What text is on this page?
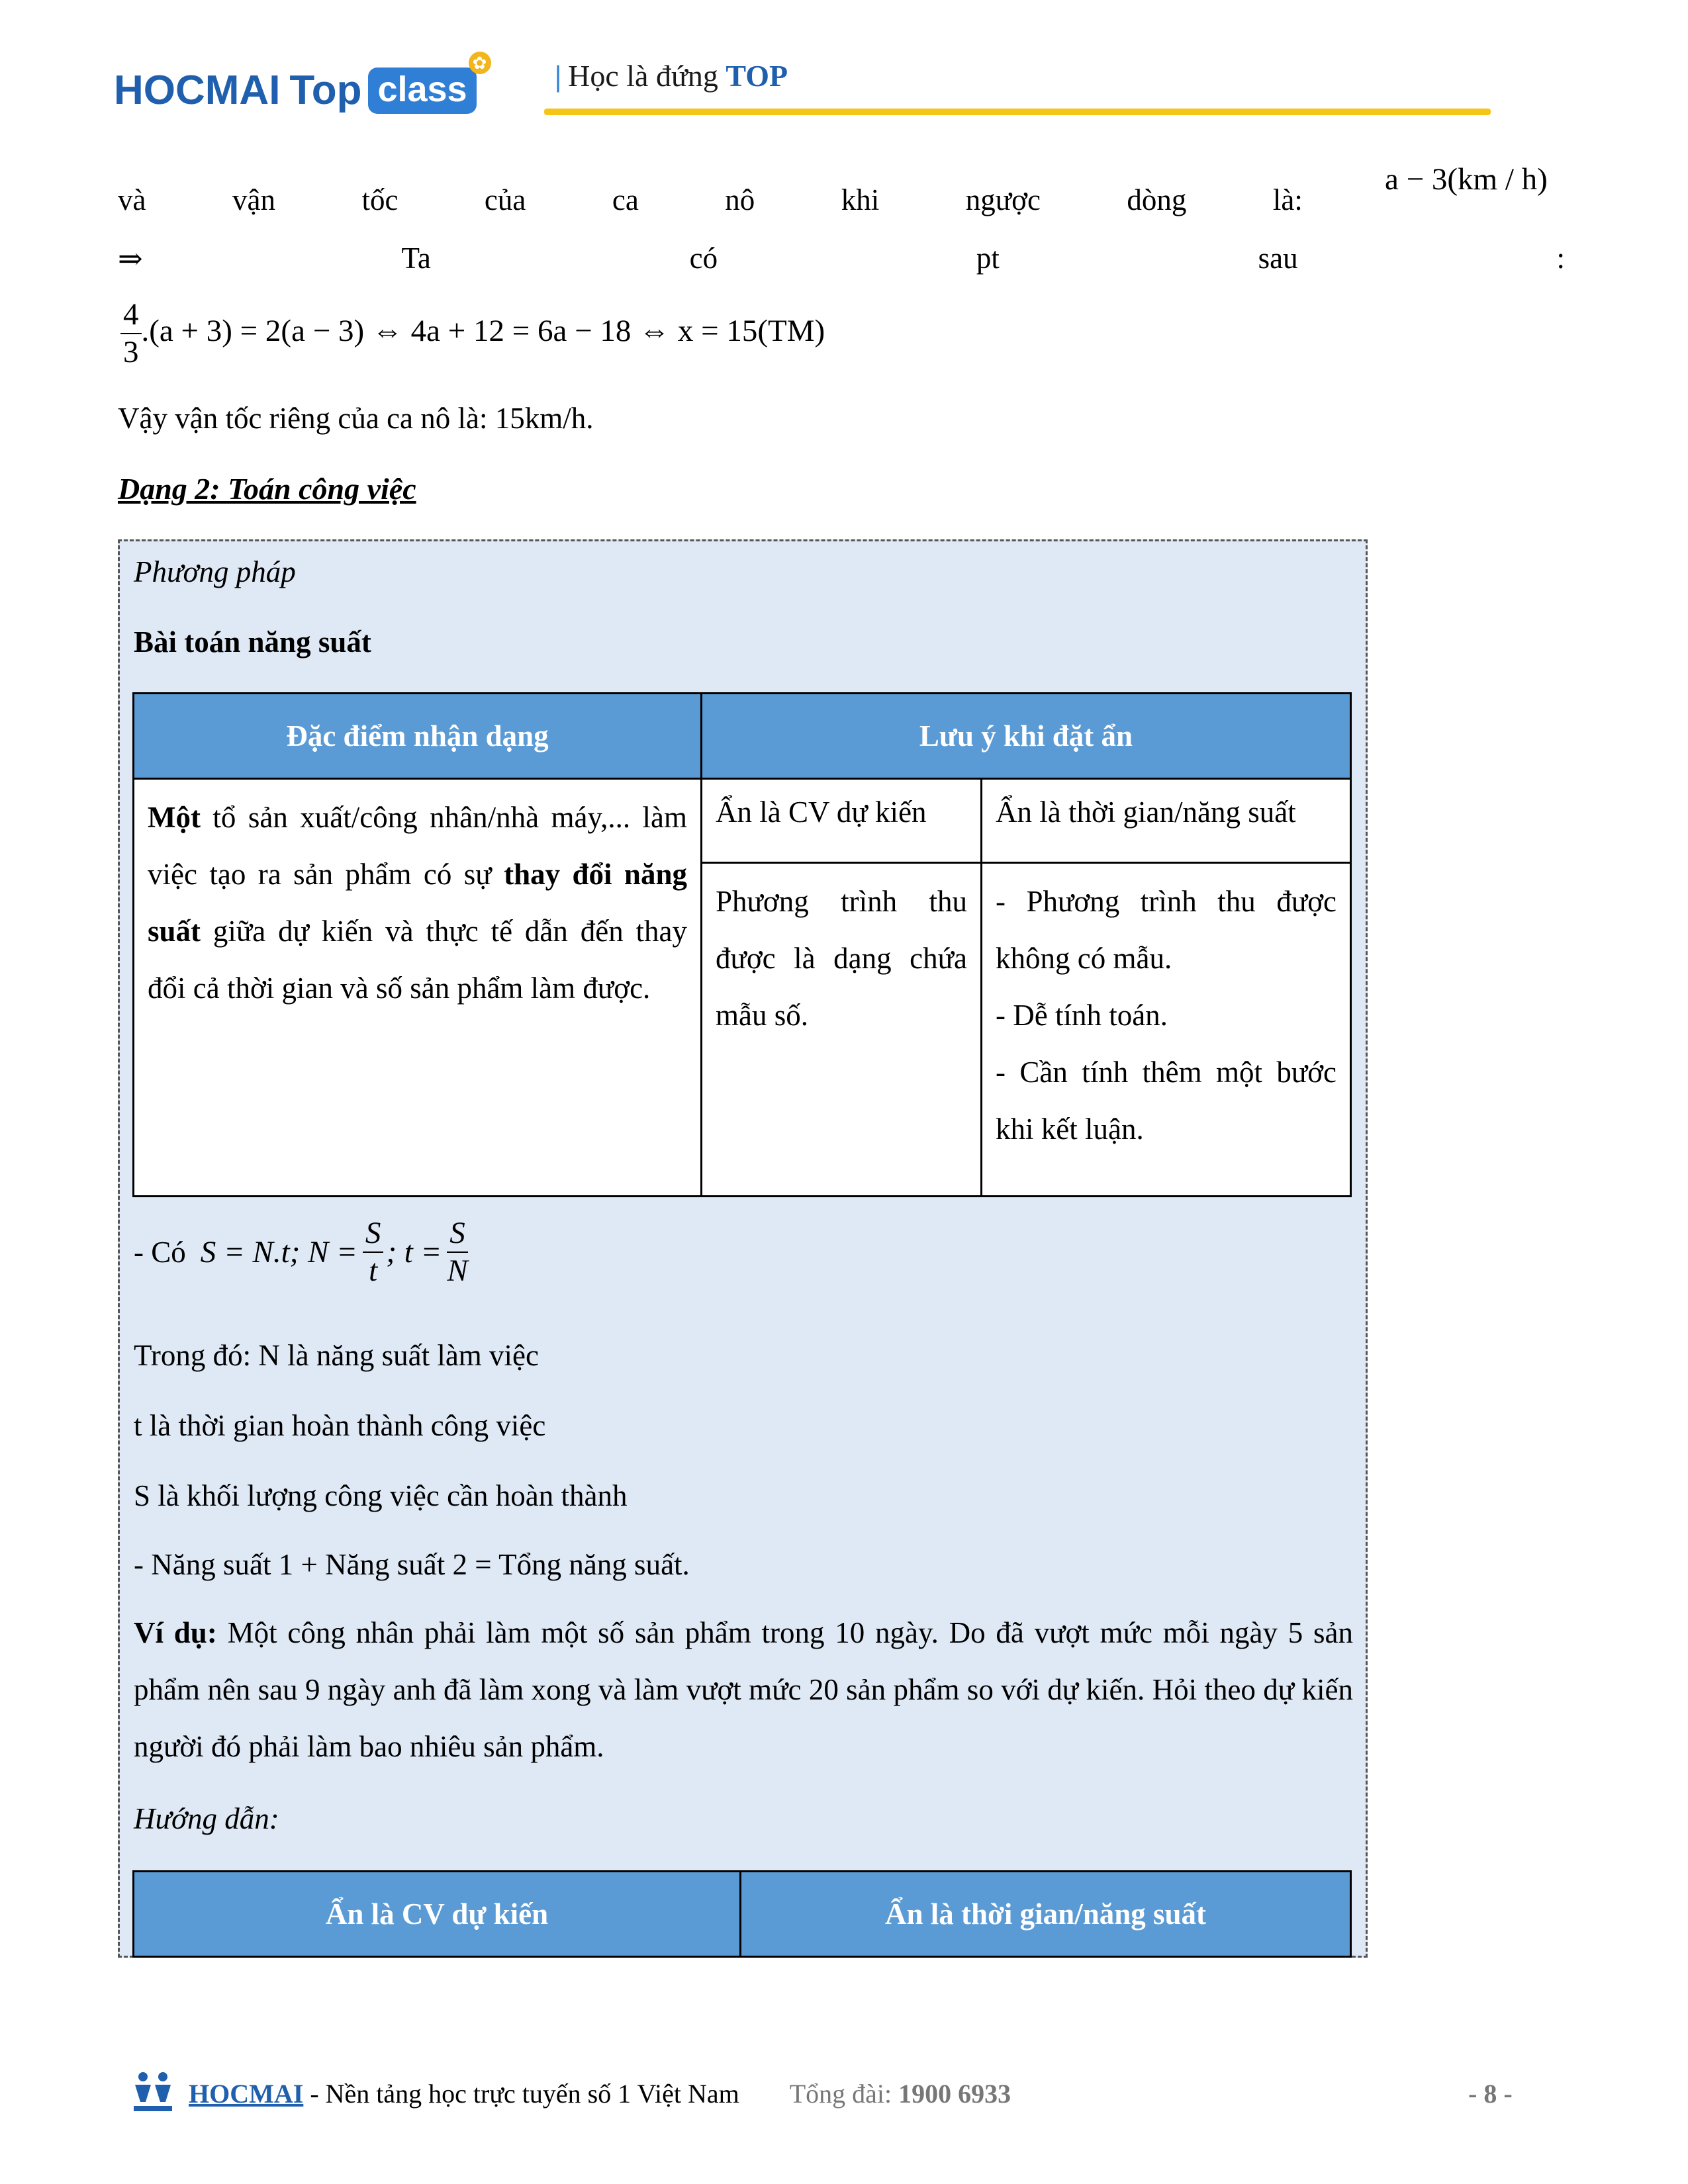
HOCMAI Top class
✿ | Học là đứng TOP
và	vận	tốc	của	ca	nô	khi	ngược	dòng	là:
a − 3(km / h)
⇒	Ta	có	pt	sau	:
$\frac{4}{3} .(a + 3) = 2(a - 3)$ ⇔ 4a + 12 = 6a − 18 ⇔ x = 15(TM)
Vậy vận tốc riêng của ca nô là: 15km/h.
Dạng 2: Toán công việc
Phương pháp
Bài toán năng suất
Đặc điểm nhận dạng	Lưu ý khi đặt ẩn	

Một tổ sản xuất/công nhân/nhà máy,... làm việc tạo ra sản phẩm có sự thay đổi năng suất giữa dự kiến và thực tế dẫn đến thay đổi cả thời gian và số sản phẩm làm được.	Ẩn là CV dự kiến	Ẩn là thời gian/năng suất

	Phương trình thu được là dạng chứa mẫu số.	- Phương trình thu được không có mẫu.

- Dễ tính toán.

- Cần tính thêm một bước khi kết luận.

- Có S = N.t; $N = \frac{S}{t}$ ; $t = \frac{S}{N}$
Trong đó: N là năng suất làm việc
t là thời gian hoàn thành công việc
S là khối lượng công việc cần hoàn thành
- Năng suất 1 + Năng suất 2 = Tổng năng suất.
Ví dụ: Một công nhân phải làm một số sản phẩm trong 10 ngày. Do đã vượt mức mỗi ngày 5 sản phẩm nên sau 9 ngày anh đã làm xong và làm vượt mức 20 sản phẩm so với dự kiến. Hỏi theo dự kiến người đó phải làm bao nhiêu sản phẩm.
Hướng dẫn:
Ẩn là CV dự kiến	Ẩn là thời gian/năng suất
HOCMAI - Nền tảng học trực tuyến số 1 Việt Nam Tổng đài: 1900 6933	- 8 -
